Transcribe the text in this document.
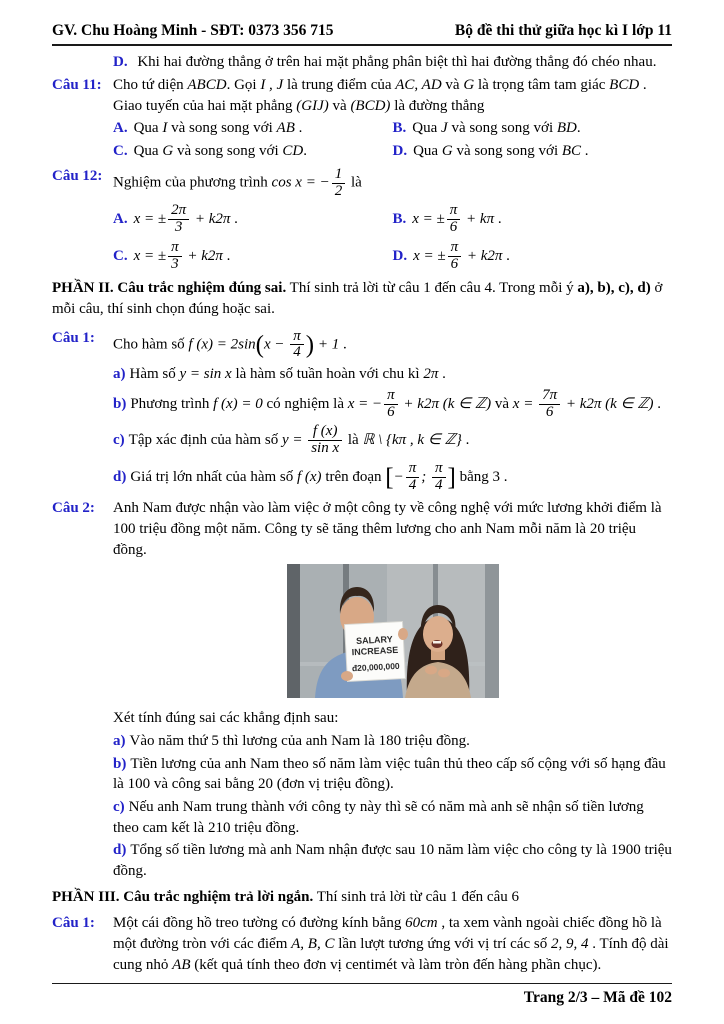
GV. Chu Hoàng Minh - SĐT: 0373 356 715	Bộ đề thi thử giữa học kì I lớp 11
D. Khi hai đường thẳng ở trên hai mặt phẳng phân biệt thì hai đường thẳng đó chéo nhau.
Câu 11: Cho tứ diện ABCD. Gọi I , J là trung điểm của AC, AD và G là trọng tâm tam giác BCD .
Giao tuyến của hai mặt phẳng (GIJ) và (BCD) là đường thẳng
A. Qua I và song song với AB .	B. Qua J và song song với BD.
C. Qua G và song song với CD.	D. Qua G và song song với BC .
Câu 12: Nghiệm của phương trình cos x = − $\frac{1}{2}$ là
A. x = ± $\frac{2\pi}{3} + k2\pi$ .	B. x = ± $\frac{\pi}{6} + k\pi$ .
C. x = ± $\frac{\pi}{3} + k2\pi$ .	D. x = ± $\frac{\pi}{6} + k2\pi$ .
PHẦN II. Câu trắc nghiệm đúng sai. Thí sinh trả lời từ câu 1 đến câu 4. Trong mỗi ý a), b), c), d) ở mỗi câu, thí sinh chọn đúng hoặc sai.
Câu 1:	Cho hàm số f $(x) = 2\sin(x - \frac{\pi}{4}$ ) + 1 .
a) Hàm số y = sin x là hàm số tuần hoàn với chu kì 2π .
b) Phương trình f (x) = 0 có nghiệm là x = − $\frac{\pi}{6} + k2\pi$ (k ∈ ℤ) và $x = \frac{7\pi}{6} + k2\pi$ (k ∈ ℤ) .
c) Tập xác định của hàm số $y = \frac{f (x)}{\text{sin x}}$ là ℝ \ {kπ , k ∈ ℤ} .
d) Giá trị lớn nhất của hàm số f (x) trên đoạn [− $\frac{\pi}{4}$ ; $\frac{\pi}{4}$ ] bằng 3 .
Câu 2:	Anh Nam được nhận vào làm việc ở một công ty về công nghệ với mức lương khởi điểm là 100 triệu đồng một năm. Công ty sẽ tăng thêm lương cho anh Nam mỗi năm là 20 triệu đồng.
SALARY
INCREASE
đ20,000,000
Xét tính đúng sai các khẳng định sau:
a) Vào năm thứ 5 thì lương của anh Nam là 180 triệu đồng.
b) Tiền lương của anh Nam theo số năm làm việc tuân thủ theo cấp số cộng với số hạng đầu là 100 và công sai bằng 20 (đơn vị triệu đồng).
c) Nếu anh Nam trung thành với công ty này thì sẽ có năm mà anh sẽ nhận số tiền lương theo cam kết là 210 triệu đồng.
d) Tổng số tiền lương mà anh Nam nhận được sau 10 năm làm việc cho công ty là 1900 triệu đồng.
PHẦN III. Câu trắc nghiệm trả lời ngắn. Thí sinh trả lời từ câu 1 đến câu 6
Câu 1:	Một cái đồng hồ treo tường có đường kính bằng 60cm , ta xem vành ngoài chiếc đồng hồ là một đường tròn với các điểm A, B, C lần lượt tương ứng với vị trí các số 2, 9, 4 . Tính độ dài cung nhỏ AB (kết quả tính theo đơn vị centimét và làm tròn đến hàng phần chục).
Trang 2/3 – Mã đề 102
